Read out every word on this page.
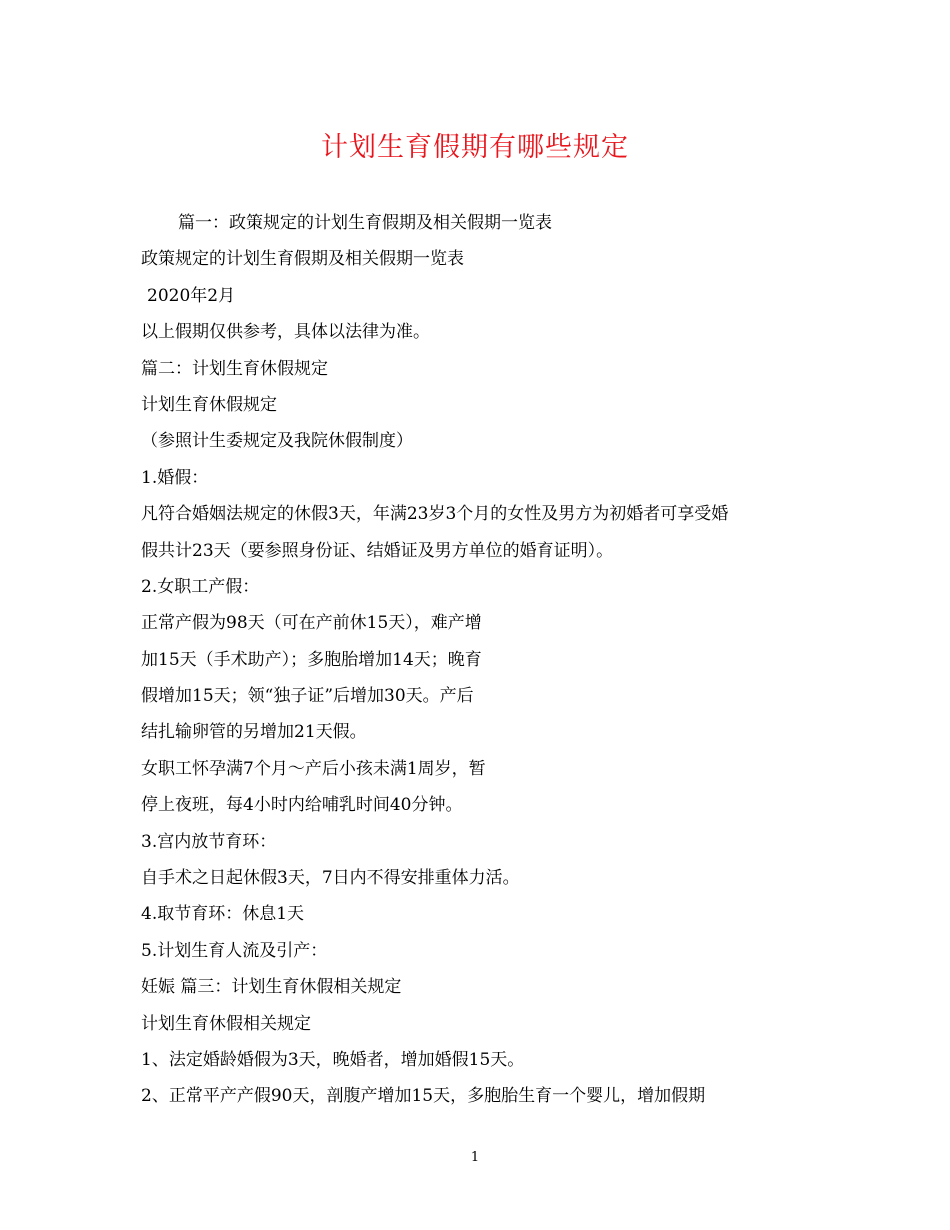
计划生育假期有哪些规定
篇一：政策规定的计划生育假期及相关假期一览表
政策规定的计划生育假期及相关假期一览表
2020年2月
以上假期仅供参考，具体以法律为准。
篇二：计划生育休假规定
计划生育休假规定
（参照计生委规定及我院休假制度）
1.婚假：
凡符合婚姻法规定的休假3天，年满23岁3个月的女性及男方为初婚者可享受婚
假共计23天（要参照身份证、结婚证及男方单位的婚育证明）。
2.女职工产假：
正常产假为98天（可在产前休15天），难产增
加15天（手术助产）；多胞胎增加14天；晚育
假增加15天；领“独子证”后增加30天。产后
结扎输卵管的另增加21天假。
女职工怀孕满7个月～产后小孩未满1周岁，暂
停上夜班，每4小时内给哺乳时间40分钟。
3.宫内放节育环：
自手术之日起休假3天，7日内不得安排重体力活。
4.取节育环：休息1天
5.计划生育人流及引产：
妊娠 篇三：计划生育休假相关规定
计划生育休假相关规定
1、法定婚龄婚假为3天，晚婚者，增加婚假15天。
2、正常平产产假90天，剖腹产增加15天，多胞胎生育一个婴儿，增加假期
1
